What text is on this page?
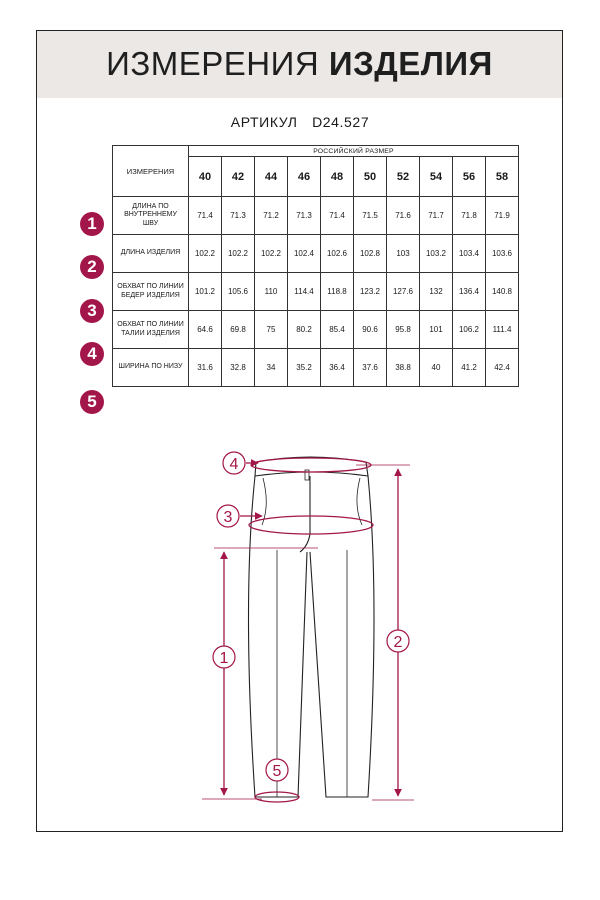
ИЗМЕРЕНИЯ ИЗДЕЛИЯ
АРТИКУЛ D24.527
ИЗМЕРЕНИЯ	РОССИЙСКИЙ РАЗМЕР									
	40	42	44	46	48	50	52	54	56	58
ДЛИНА ПО ВНУТРЕННЕМУ ШВУ	71.4	71.3	71.2	71.3	71.4	71.5	71.6	71.7	71.8	71.9
ДЛИНА ИЗДЕЛИЯ	102.2	102.2	102.2	102.4	102.6	102.8	103	103.2	103.4	103.6
ОБХВАТ ПО ЛИНИИ БЕДЕР ИЗДЕЛИЯ	101.2	105.6	110	114.4	118.8	123.2	127.6	132	136.4	140.8
ОБХВАТ ПО ЛИНИИ ТАЛИИ ИЗДЕЛИЯ	64.6	69.8	75	80.2	85.4	90.6	95.8	101	106.2	111.4
ШИРИНА ПО НИЗУ	31.6	32.8	34	35.2	36.4	37.6	38.8	40	41.2	42.4
1
2
3
4
5
4
3
1
2
5
